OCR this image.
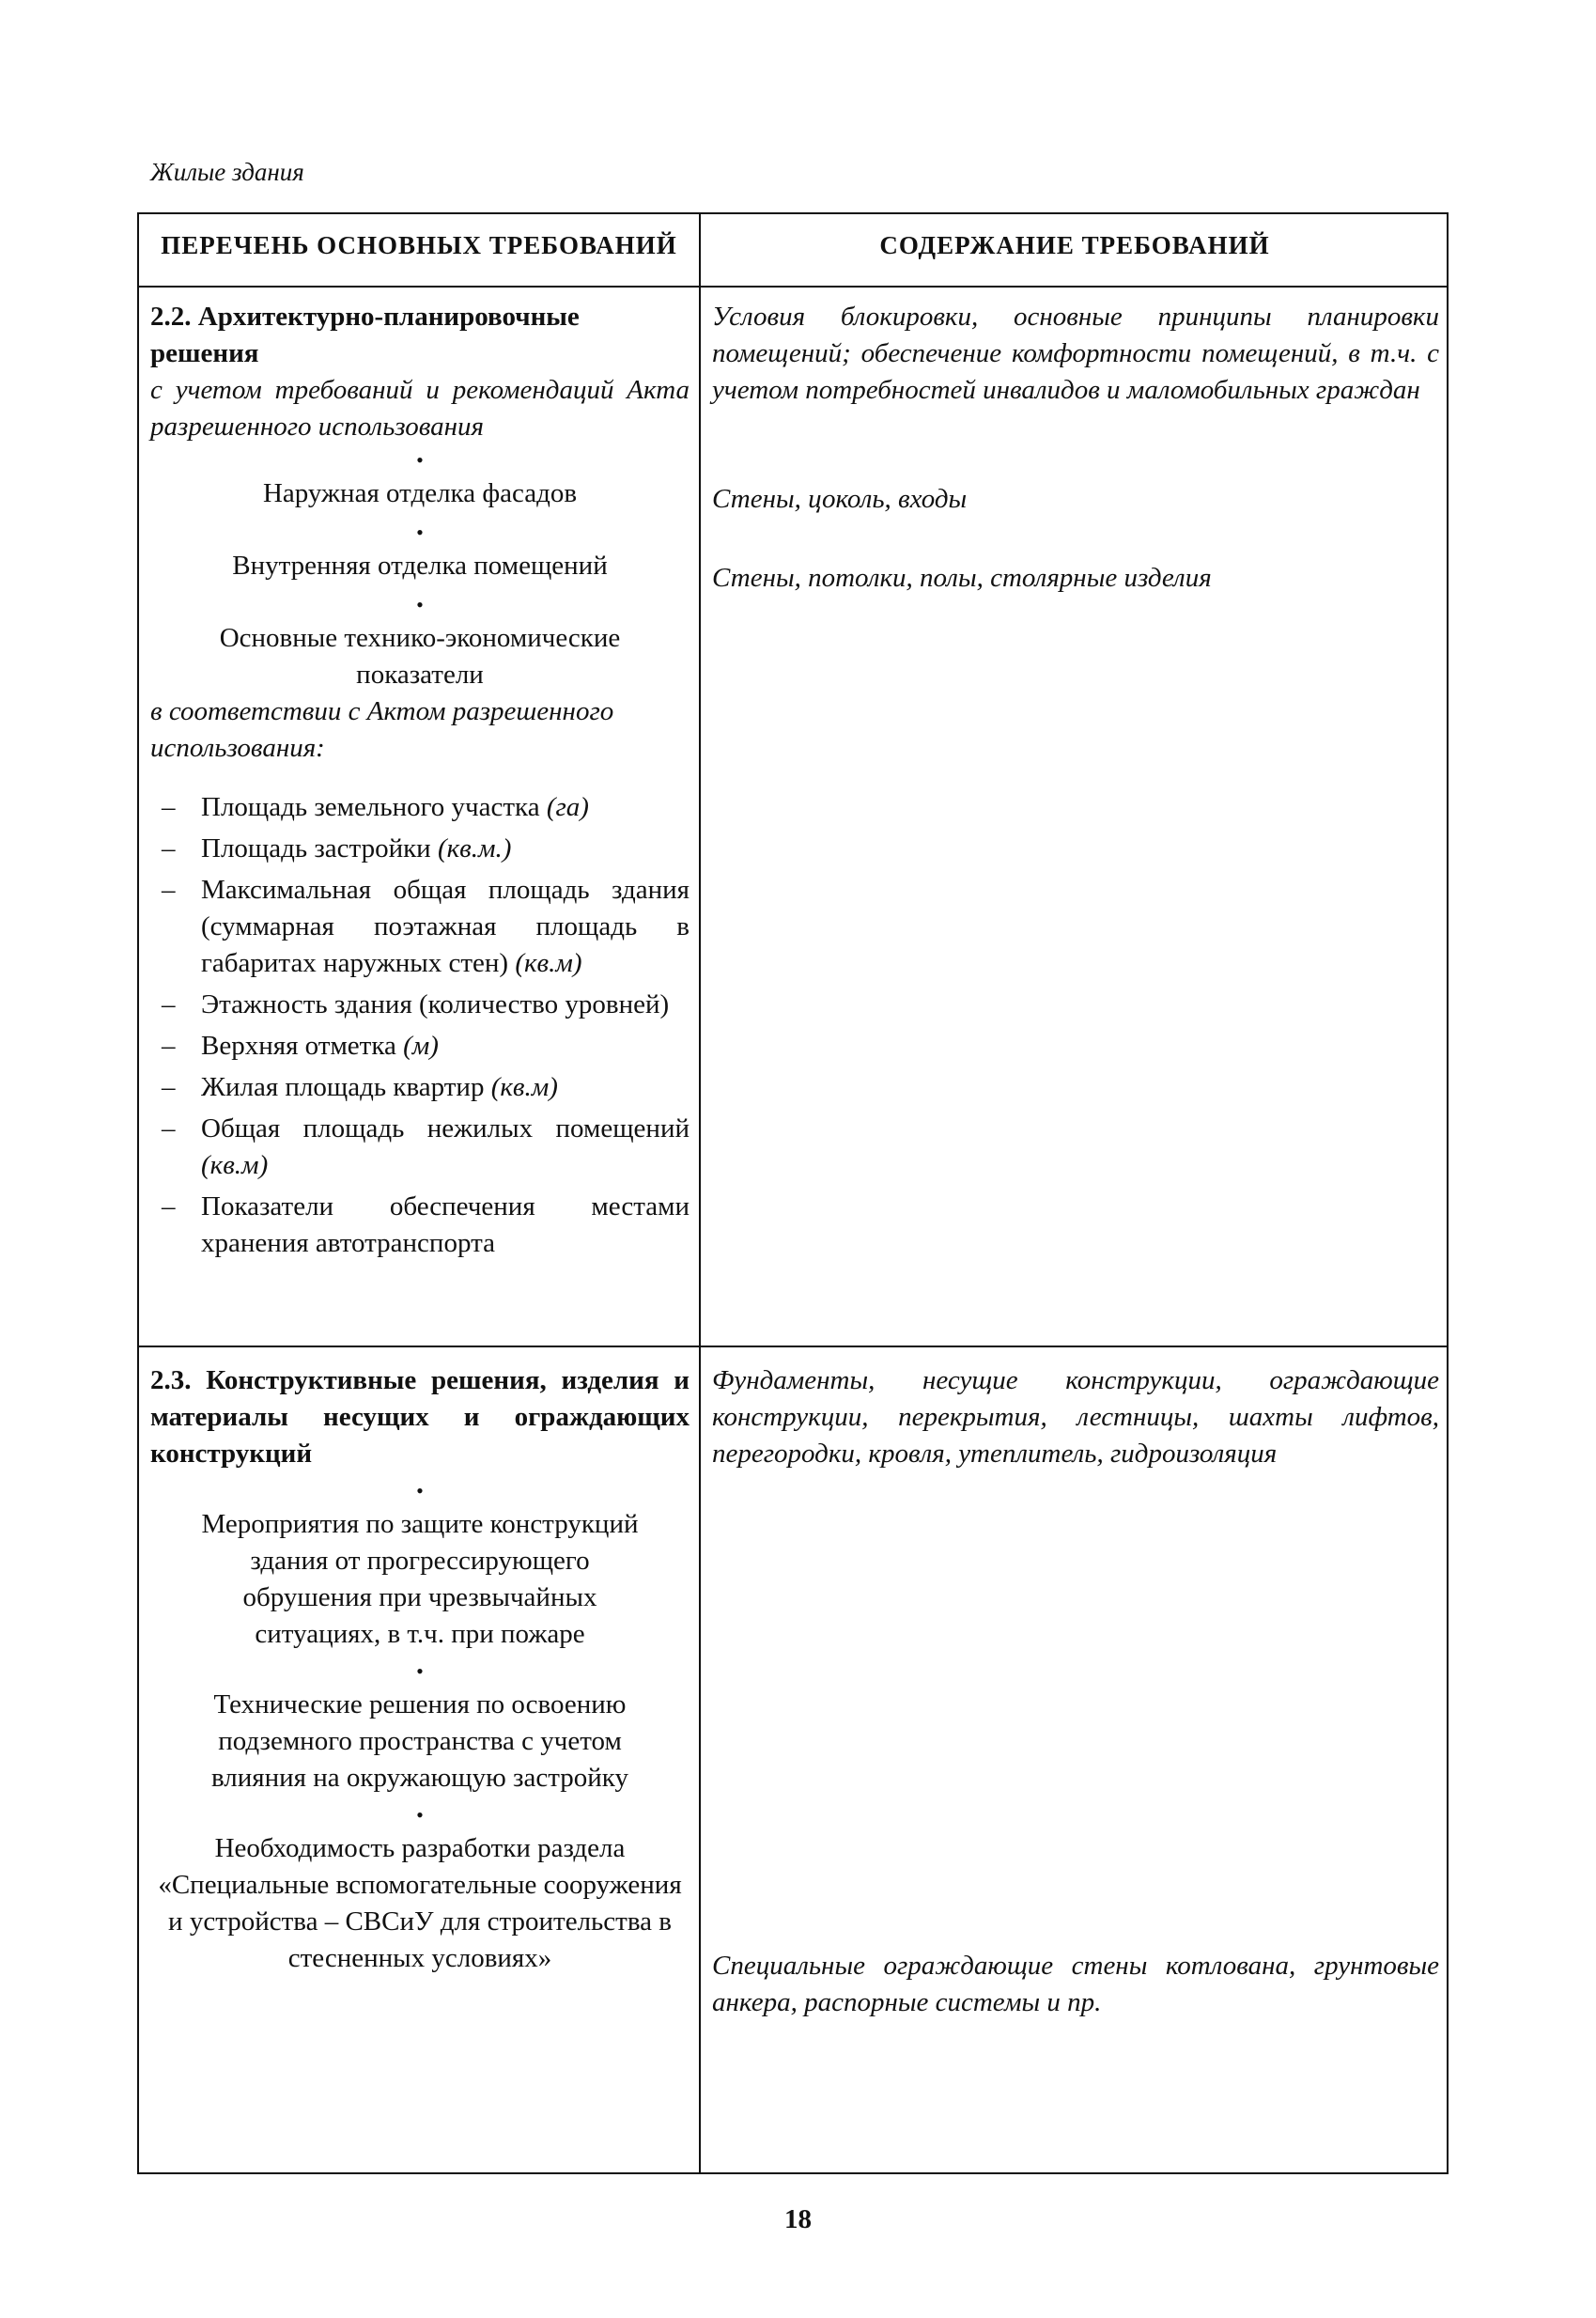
Жилые здания
ПЕРЕЧЕНЬ ОСНОВНЫХ ТРЕБОВАНИЙ	СОДЕРЖАНИЕ ТРЕБОВАНИЙ
2.2. Архитектурно-планировочные решения
с учетом требований и рекомендаций Акта разрешенного использования
•
Наружная отделка фасадов
•
Внутренняя отделка помещений
•
Основные технико-экономические показатели
в соответствии с Актом разрешенного использования:
– Площадь земельного участка (га)
– Площадь застройки (кв.м.)
– Максимальная общая площадь здания (суммарная поэтажная площадь в габаритах наружных стен) (кв.м)
– Этажность здания (количество уровней)
– Верхняя отметка (м)
– Жилая площадь квартир (кв.м)
– Общая площадь нежилых помещений (кв.м)
– Показатели обеспечения местами хранения автотранспорта
Условия блокировки, основные принципы планировки помещений; обеспечение комфортности помещений, в т.ч. с учетом потребностей инвалидов и маломобильных граждан
Стены, цоколь, входы
Стены, потолки, полы, столярные изделия
2.3. Конструктивные решения, изделия и материалы несущих и ограждающих конструкций
•
Мероприятия по защите конструкций здания от прогрессирующего обрушения при чрезвычайных ситуациях, в т.ч. при пожаре
•
Технические решения по освоению подземного пространства с учетом влияния на окружающую застройку
•
Необходимость разработки раздела «Специальные вспомогательные сооружения и устройства – СВСиУ для строительства в стесненных условиях»
Фундаменты, несущие конструкции, ограждающие конструкции, перекрытия, лестницы, шахты лифтов, перегородки, кровля, утеплитель, гидроизоляция
Специальные ограждающие стены котлована, грунтовые анкера, распорные системы и пр.
18
